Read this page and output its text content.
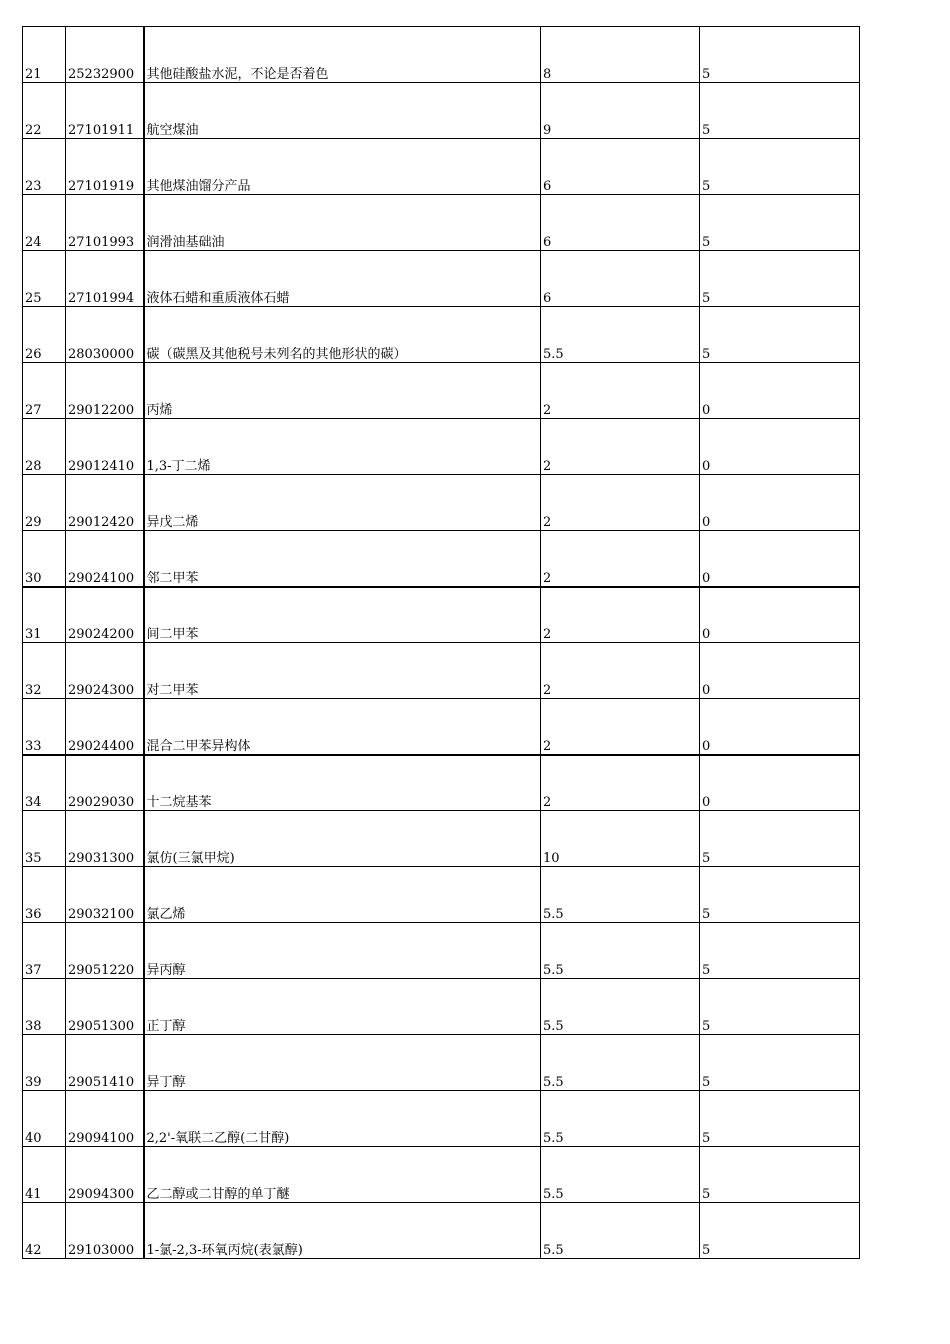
21	25232900	其他硅酸盐水泥，不论是否着色	8	5
22	27101911	航空煤油	9	5
23	27101919	其他煤油馏分产品	6	5
24	27101993	润滑油基础油	6	5
25	27101994	液体石蜡和重质液体石蜡	6	5
26	28030000	碳（碳黑及其他税号未列名的其他形状的碳）	5.5	5
27	29012200	丙烯	2	0
28	29012410	1,3-丁二烯	2	0
29	29012420	异戊二烯	2	0
30	29024100	邻二甲苯	2	0
31	29024200	间二甲苯	2	0
32	29024300	对二甲苯	2	0
33	29024400	混合二甲苯异构体	2	0
34	29029030	十二烷基苯	2	0
35	29031300	氯仿(三氯甲烷)	10	5
36	29032100	氯乙烯	5.5	5
37	29051220	异丙醇	5.5	5
38	29051300	正丁醇	5.5	5
39	29051410	异丁醇	5.5	5
40	29094100	2,2'-氧联二乙醇(二甘醇)	5.5	5
41	29094300	乙二醇或二甘醇的单丁醚	5.5	5
42	29103000	1-氯-2,3-环氧丙烷(表氯醇)	5.5	5
